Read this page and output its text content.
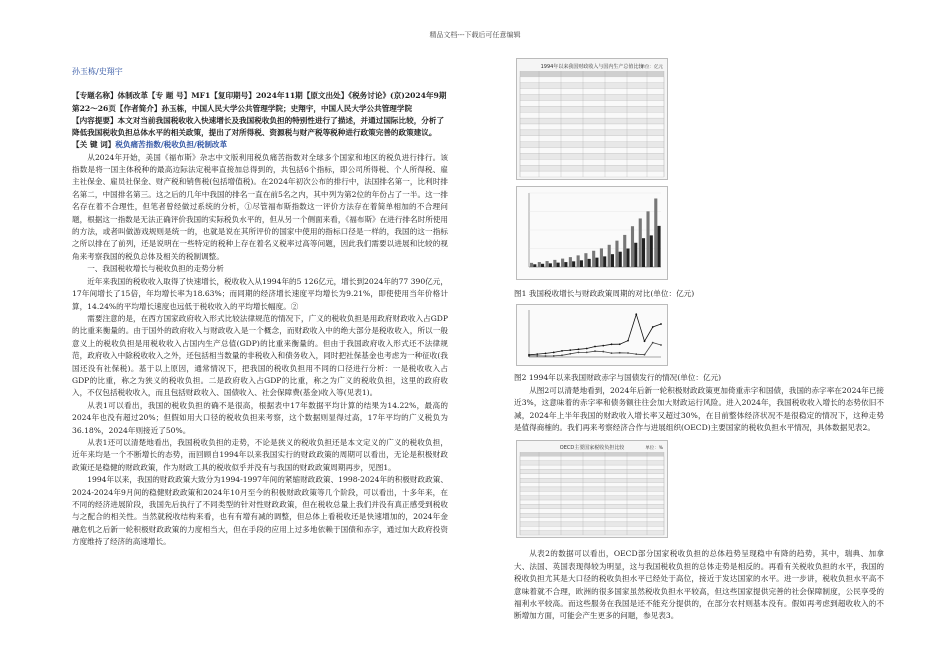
精品文档---下载后可任意编辑
孙玉栋/史翔宇
【专题名称】体制改革【专 题 号】MF1【复印期号】2024年11期【原文出处】《税务讨论》(京)2024年9期第22～26页【作者简介】孙玉栋，中国人民大学公共管理学院；史翔宇，中国人民大学公共管理学院
【内容提要】本文对当前我国税收收入快速增长及我国税收负担的特别性进行了描述，并通过国际比较，分析了降低我国税收负担总体水平的相关政策，提出了对所得税、资源税与财产税等税种进行政策完善的政策建议。
【关 键 词】税负痛苦指数/税收负担/税制改革

从2024年开始，美国《福布斯》杂志中文版利用税负痛苦指数对全球多个国家和地区的税负进行排行。该指数是将一国主体税种的最高边际法定税率直接加总得到的，共包括6个指标，即公司所得税、个人所得税、雇主社保金、雇员社保金、财产税和销售税(包括增值税)。在2024年初次公布的排行中，法国排名第一，比利时排名第二，中国排名第三。这之后的几年中我国的排名一直在前5名之内，其中列为第2位的年份占了一半。这一排名存在着不合理性，但笔者曾经做过系统的分析，①尽管福布斯指数这一评价方法存在着简单相加的不合理问题，根据这一指数是无法正确评价我国的实际税负水平的，但从另一个侧面来看，《福布斯》在进行排名时所使用的方法，或者叫做游戏规则是统一的，也就是说在其所评价的国家中使用的指标口径是一样的，我国的这一指标之所以排在了前列，还是说明在一些特定的税种上存在着名义税率过高等问题，因此我们需要以进展和比较的视角来考察我国的税负总体及相关的税制调整。

一、我国税收增长与税收负担的走势分析

近年来我国的税收收入取得了快速增长，税收收入从1994年的5 126亿元，增长到2024年的77 390亿元，17年间增长了15倍，年均增长率为18.63%；而同期的经济增长速度平均增长为9.21%，即使使用当年价格计算，14.24%的平均增长速度也远低于税收收入的平均增长幅度。②

需要注意的是，在西方国家政府收入形式比较法律规范的情况下，广义的税收负担是用政府财政收入占GDP的比重来衡量的。由于国外的政府收入与财政收入是一个概念，而财政收入中的绝大部分是税收收入，所以一般意义上的税收负担是用税收收入占国内生产总值(GDP)的比重来衡量的。但由于我国政府收入形式还不法律规范，政府收入中除税收收入之外，还包括相当数量的非税收入和债务收入，同时把社保基金也考虑为一种征收(我国还没有社保税)。基于以上原因，通常情况下，把我国的税收负担用不同的口径进行分析：一是税收收入占GDP的比重，称之为狭义的税收负担。二是政府收入占GDP的比重，称之为广义的税收负担，这里的政府收入，不仅包括税收收入，而且包括财政收入、国债收入、社会保障费(基金)收入等(见表1)。

从表1可以看出，我国的税收负担的确不是很高，根据表中17年数据平均计算的结果为14.22%，最高的2024年也没有超过20%；但假如用大口径的税收负担来考察，这个数据则显得过高，17年平均的广义税负为36.18%，2024年则接近了50%。

从表1还可以清楚地看出，我国税收负担的走势，不论是狭义的税收负担还是本文定义的广义的税收负担，近年来均是一个不断增长的态势，而回顾自1994年以来我国实行的财政政策的周期可以看出，无论是积极财政政策还是稳健的财政政策，作为财政工具的税收似乎并没有与我国的财政政策周期再步，见图1。

1994年以来，我国的财政政策大致分为1994-1997年间的紧缩财政政策、1998-2024年的积极财政政策、2024-2024年9月间的稳健财政政策和2024年10月至今的积极财政政策等几个阶段，可以看出，十多年来，在不同的经济进展阶段，我国先后执行了不同类型的针对性财政政策，但在税收总量上我们并没有真正感受到税收与之配合的相关性。当然就税收结构来看，也有有增有减的调整，但总体上看税收还是快速增加的，2024年金融危机之后新一轮积极财政政策的力度相当大，但在手段的应用上过多地依赖于国债和赤字，通过加大政府投资方度维持了经济的高速增长。

1994年以来我国财政收入与国内生产总值比较
单位：亿元
图1 我国税收增长与财政政策周期的对比(单位：亿元)
图2 1994年以来我国财政赤字与国债发行的情况(单位：亿元)

从图2可以清楚地看到，2024年后新一轮积极财政政策更加倚重赤字和国债，我国的赤字率在2024年已接近3%，这意味着的赤字率和债务额往往会加大财政运行风险。进入2024年，我国税收收入增长的态势依旧不减，2024年上半年我国的财政收入增长率又超过30%，在目前整体经济状况不是很稳定的情况下，这种走势是值得商榷的。我们再来考察经济合作与进展组织(OECD)主要国家的税收负担水平情况，具体数据见表2。

OECD主要国家税收负担比较	单位：%

从表2的数据可以看出，OECD部分国家税收负担的总体趋势呈现稳中有降的趋势，其中，瑞典、加拿大、法国、英国表现得较为明显，这与我国税收负担的总体走势是相反的。再看有关税收负担的水平，我国的税收负担尤其是大口径的税收负担水平已经处于高位，接近于发达国家的水平。进一步讲，税收负担水平高不意味着就不合理，欧洲的很多国家虽然税收负担水平较高，但这些国家提供完善的社会保障制度，公民享受的福利水平较高。而这些服务在我国是还不能充分提供的，在部分农村则基本没有。假如再考虑到超收收入的不断增加方面，可能会产生更多的问题，参见表3。
